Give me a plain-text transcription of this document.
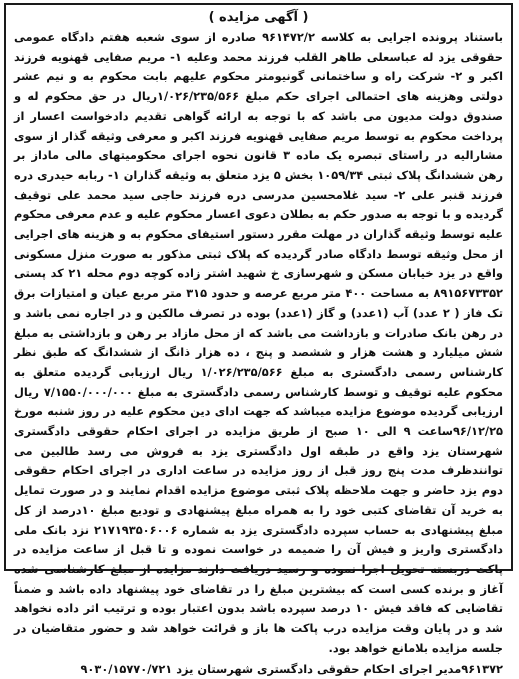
( آگهی مزایده )

باستناد پرونده اجرایی به کلاسه ۹۶۱۴۷۲/۲ صادره از سوی شعبه هفتم دادگاه عمومی حقوقی یزد له عباسعلی طاهر القلب فرزند محمد وعلیه ۱- مریم صفایی قهنویه فرزند اکبر و ۲- شرکت راه و ساختمانی گونیومتر محکوم علیهم بابت محکوم به و نیم عشر دولتی وهزینه های احتمالی اجرای حکم مبلغ ۱/۰۲۶/۲۳۵/۵۶۶ریال در حق محکوم له و صندوق دولت مدیون می باشد که با توجه به ارائه گواهی تقدیم دادخواست اعسار از پرداخت محکوم به توسط مریم صفایی قهنویه فرزند اکبر و معرفی وثیقه گذار از سوی مشارالیه در راستای تبصره یک ماده ۳ قانون نحوه اجرای محکومیتهای مالی ماداز بر رهن ششدانگ پلاک ثبتی ۱۰۵۹/۳۴ بخش ۵ یزد متعلق به وثیقه گذاران ۱- ربابه حیدری دره فرزند قنبر علی ۲- سید غلامحسین مدرسی دره فرزند حاجی سید محمد علی توقیف گردیده و با توجه به صدور حکم به بطلان دعوی اعسار محکوم علیه و عدم معرفی محکوم علیه توسط وثیقه گذاران در مهلت مقرر دستور استیفای محکوم به و هزینه های اجرایی از محل وثیقه توسط دادگاه صادر گردیده که پلاک ثبتی مذکور به صورت منزل مسکونی واقع در یزد خیابان مسکن و شهرسازی خ شهید اشتر زاده کوچه دوم محله ۲۱ کد پستی ۸۹۱۵۶۷۳۳۵۲ به مساحت ۴۰۰ متر مربع عرصه و حدود ۳۱۵ متر مربع عیان و امتیازات برق تک فاز ( ۲ عدد) آب (۱عدد) و گاز (۱عدد) بوده در تصرف مالکین و در اجاره نمی باشد و در رهن بانک صادرات و بازداشت می باشد که از محل مازاد بر رهن و بازداشتی به مبلغ شش میلیارد و هشت هزار و ششصد و پنج ، ده هزار ذانگ از ششدانگ که طبق نظر کارشناس رسمی دادگستری به مبلغ ۱/۰۲۶/۲۳۵/۵۶۶ ریال ارزیابی گردیده متعلق به محکوم علیه توقیف و توسط کارشناس رسمی دادگستری به مبلغ ۷/۱۵۵۰/۰۰۰/۰۰۰ ریال ارزیابی گردیده موضوع مزایده میباشد که جهت ادای دین محکوم علیه در روز شنبه مورخ ۹۶/۱۲/۲۵ساعت ۹ الی ۱۰ صبح از طریق مزایده در اجرای احکام حقوقی دادگستری شهرستان یزد واقع در طبقه اول دادگستری یزد به فروش می رسد طالبین می توانندظرف مدت پنج روز قبل از روز مزایده در ساعت اداری در اجرای احکام حقوقی دوم یزد حاضر و جهت ملاحظه پلاک ثبتی موضوع مزایده اقدام نمایند و در صورت تمایل به خرید آن تقاضای کتبی خود را به همراه مبلغ پیشنهادی و تودیع مبلغ ۱۰درصد از کل مبلغ پیشنهادی به حساب سپرده دادگستری یزد به شماره ۲۱۷۱۹۳۵۰۶۰۰۶ نزد بانک ملی دادگستری واریز و فیش آن را ضمیمه در خواست نموده و تا قبل از ساعت مزایده در پاکت دربسته تحویل اجرا نموده و رسید دریافت دارند مزایده از مبلغ کارشناسی شده آغاز و برنده کسی است که بیشترین مبلغ را در تقاضای خود پیشنهاد داده باشد و ضمناً تقاضایی که فاقد فیش ۱۰ درصد سپرده باشد بدون اعتبار بوده و ترتیب اثر داده نخواهد شد و در پایان وقت مزایده درب پاکت ها باز و قرائت خواهد شد و حضور متقاضیان در جلسه مزایده بلامانع خواهد بود.

۹۶۱۳۷۲مدیر اجرای احکام حقوقی دادگستری شهرستان یزد ۹۰۳۰/۱۵۷۷۰/۷۲۱
